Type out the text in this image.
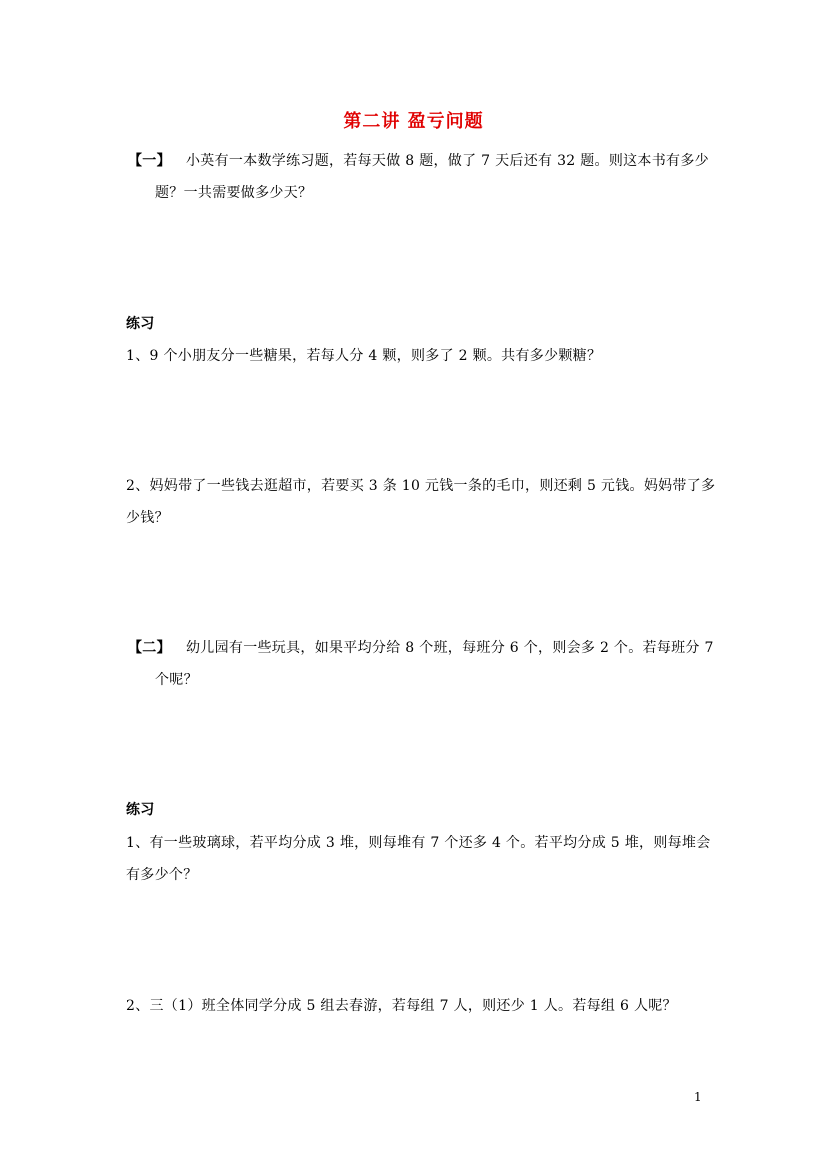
第二讲 盈亏问题
【一】 小英有一本数学练习题，若每天做 8 题，做了 7 天后还有 32 题。则这本书有多少
题？一共需要做多少天？
练习
1、9 个小朋友分一些糖果，若每人分 4 颗，则多了 2 颗。共有多少颗糖？
2、妈妈带了一些钱去逛超市，若要买 3 条 10 元钱一条的毛巾，则还剩 5 元钱。妈妈带了多
少钱？
【二】 幼儿园有一些玩具，如果平均分给 8 个班，每班分 6 个，则会多 2 个。若每班分 7
个呢？
练习
1、有一些玻璃球，若平均分成 3 堆，则每堆有 7 个还多 4 个。若平均分成 5 堆，则每堆会
有多少个？
2、三（1）班全体同学分成 5 组去春游，若每组 7 人，则还少 1 人。若每组 6 人呢？
1
